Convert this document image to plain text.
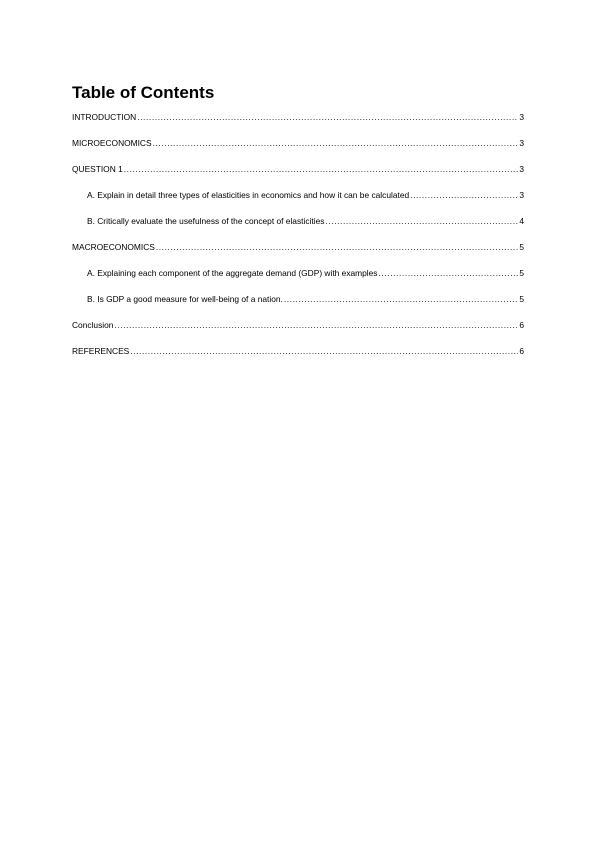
Table of Contents
INTRODUCTION .....	3
MICROECONOMICS .....	3
QUESTION 1 .....	3
A. Explain in detail three types of elasticities in economics and how it can be calculated .....	3
B. Critically evaluate the usefulness of the concept of elasticities .....	4
MACROECONOMICS .....	5
A. Explaining each component of the aggregate demand (GDP) with examples .....	5
B. Is GDP a good measure for well-being of a nation. .....	5
Conclusion .....	6
REFERENCES .....	6
